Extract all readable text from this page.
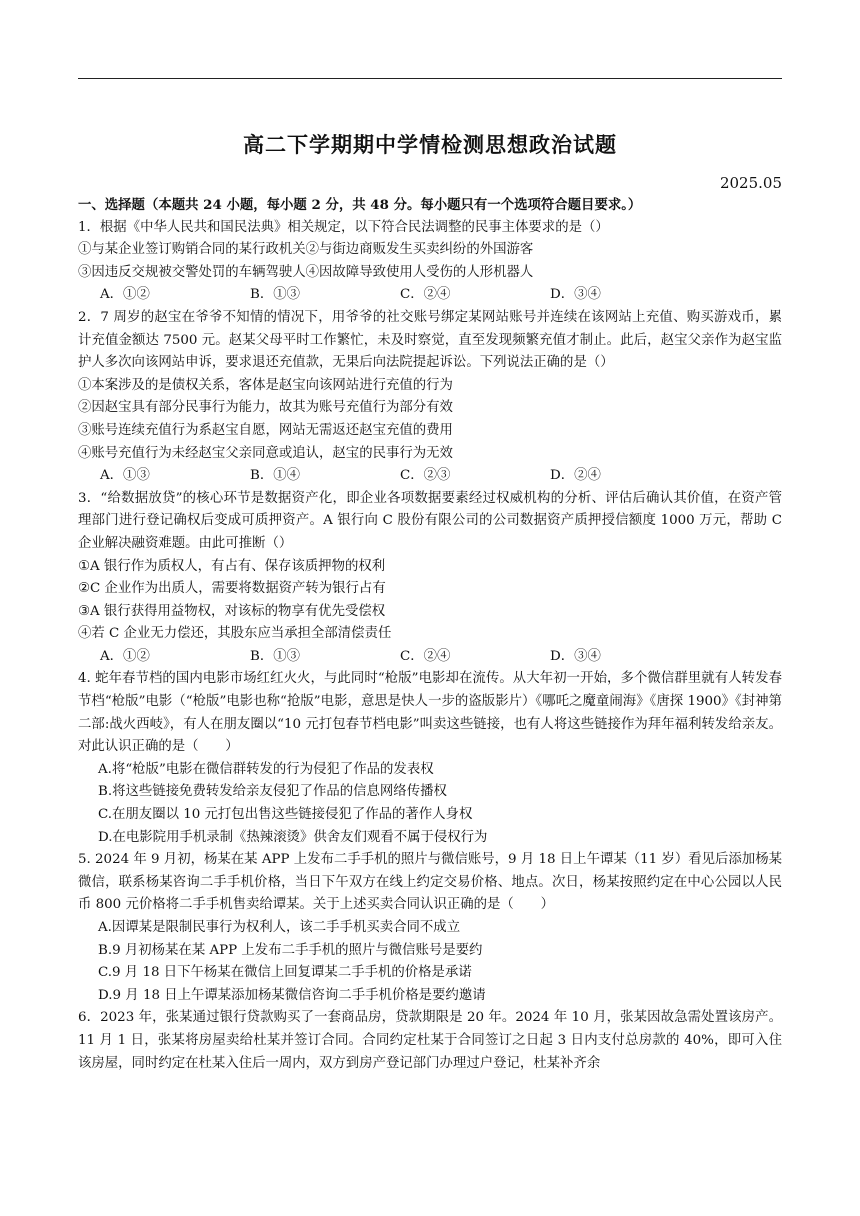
高二下学期期中学情检测思想政治试题
2025.05
一、选择题（本题共 24 小题，每小题 2 分，共 48 分。每小题只有一个选项符合题目要求。）
1．根据《中华人民共和国民法典》相关规定，以下符合民法调整的民事主体要求的是（）
①与某企业签订购销合同的某行政机关②与街边商贩发生买卖纠纷的外国游客
③因违反交规被交警处罚的车辆驾驶人④因故障导致使用人受伤的人形机器人
A．①②	B．①③	C．②④	D．③④
2．7 周岁的赵宝在爷爷不知情的情况下，用爷爷的社交账号绑定某网站账号并连续在该网站上充值、购买游戏币，累计充值金额达 7500 元。赵某父母平时工作繁忙，未及时察觉，直至发现频繁充值才制止。此后，赵宝父亲作为赵宝监护人多次向该网站申诉，要求退还充值款，无果后向法院提起诉讼。下列说法正确的是（）
①本案涉及的是债权关系，客体是赵宝向该网站进行充值的行为
②因赵宝具有部分民事行为能力，故其为账号充值行为部分有效
③账号连续充值行为系赵宝自愿，网站无需返还赵宝充值的费用
④账号充值行为未经赵宝父亲同意或追认，赵宝的民事行为无效
A．①③	B．①④	C．②③	D．②④
3．“给数据放贷”的核心环节是数据资产化，即企业各项数据要素经过权威机构的分析、评估后确认其价值，在资产管理部门进行登记确权后变成可质押资产。A 银行向 C 股份有限公司的公司数据资产质押授信额度 1000 万元，帮助 C 企业解决融资难题。由此可推断（）
①A 银行作为质权人，有占有、保存该质押物的权利
②C 企业作为出质人，需要将数据资产转为银行占有
③A 银行获得用益物权，对该标的物享有优先受偿权
④若 C 企业无力偿还，其股东应当承担全部清偿责任
A．①②	B．①③	C．②④	D．③④
4. 蛇年春节档的国内电影市场红红火火，与此同时“枪版”电影却在流传。从大年初一开始，多个微信群里就有人转发春节档“枪版”电影（“枪版”电影也称“抢版”电影，意思是快人一步的盗版影片）《哪吒之魔童闹海》《唐探 1900》《封神第二部:战火西岐》，有人在朋友圈以“10 元打包春节档电影”叫卖这些链接，也有人将这些链接作为拜年福利转发给亲友。对此认识正确的是（　　）
A.将“枪版”电影在微信群转发的行为侵犯了作品的发表权
B.将这些链接免费转发给亲友侵犯了作品的信息网络传播权
C.在朋友圈以 10 元打包出售这些链接侵犯了作品的著作人身权
D.在电影院用手机录制《热辣滚烫》供舍友们观看不属于侵权行为
5. 2024 年 9 月初，杨某在某 APP 上发布二手手机的照片与微信账号，9 月 18 日上午谭某（11 岁）看见后添加杨某微信，联系杨某咨询二手手机价格，当日下午双方在线上约定交易价格、地点。次日，杨某按照约定在中心公园以人民币 800 元价格将二手手机售卖给谭某。关于上述买卖合同认识正确的是（　　）
A.因谭某是限制民事行为权利人，该二手手机买卖合同不成立
B.9 月初杨某在某 APP 上发布二手手机的照片与微信账号是要约
C.9 月 18 日下午杨某在微信上回复谭某二手手机的价格是承诺
D.9 月 18 日上午谭某添加杨某微信咨询二手手机价格是要约邀请
6．2023 年，张某通过银行贷款购买了一套商品房，贷款期限是 20 年。2024 年 10 月，张某因故急需处置该房产。11 月 1 日，张某将房屋卖给杜某并签订合同。合同约定杜某于合同签订之日起 3 日内支付总房款的 40%，即可入住该房屋，同时约定在杜某入住后一周内，双方到房产登记部门办理过户登记，杜某补齐余
